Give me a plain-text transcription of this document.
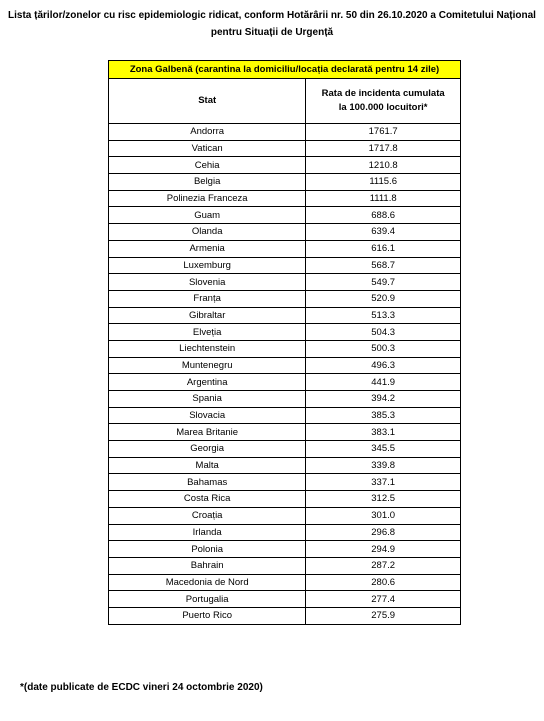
Lista țărilor/zonelor cu risc epidemiologic ridicat, conform Hotărârii nr. 50 din 26.10.2020 a Comitetului Național
pentru Situații de Urgență
Zona Galbenă (carantina la domiciliu/locația declarată pentru 14 zile)	
Stat	Rata de incidenta cumulata
la 100.000 locuitori*
Andorra	1761.7
Vatican	1717.8
Cehia	1210.8
Belgia	1115.6
Polinezia Franceza	1111.8
Guam	688.6
Olanda	639.4
Armenia	616.1
Luxemburg	568.7
Slovenia	549.7
Franța	520.9
Gibraltar	513.3
Elveția	504.3
Liechtenstein	500.3
Muntenegru	496.3
Argentina	441.9
Spania	394.2
Slovacia	385.3
Marea Britanie	383.1
Georgia	345.5
Malta	339.8
Bahamas	337.1
Costa Rica	312.5
Croația	301.0
Irlanda	296.8
Polonia	294.9
Bahrain	287.2
Macedonia de Nord	280.6
Portugalia	277.4
Puerto Rico	275.9
*(date publicate de ECDC vineri 24 octombrie 2020)
